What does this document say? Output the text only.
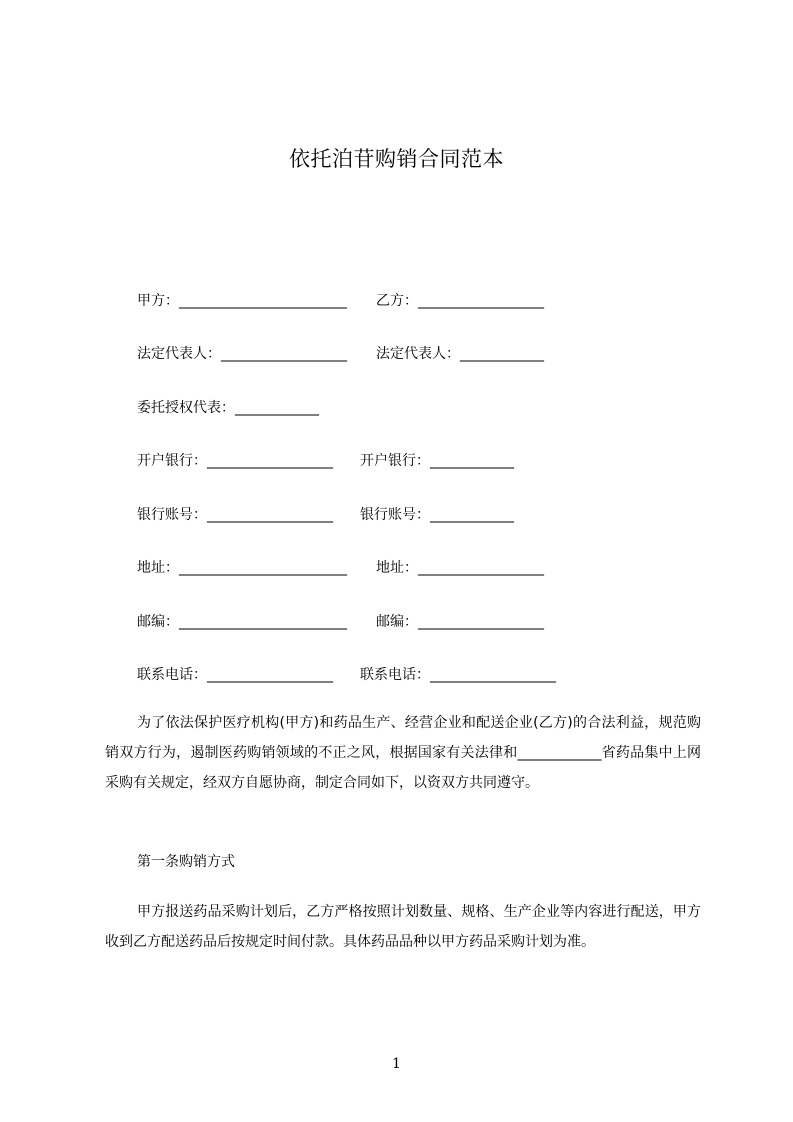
依托泊苷购销合同范本
甲方：________________________ 乙方：__________________
法定代表人：__________________ 法定代表人：____________
委托授权代表：____________
开户银行：__________________ 开户银行：____________
银行账号：__________________ 银行账号：____________
地址：________________________ 地址：__________________
邮编：________________________ 邮编：__________________
联系电话：__________________ 联系电话：__________________
为了依法保护医疗机构(甲方)和药品生产、经营企业和配送企业(乙方)的合法利益，规范购销双方行为，遏制医药购销领域的不正之风，根据国家有关法律和____________省药品集中上网采购有关规定，经双方自愿协商，制定合同如下，以资双方共同遵守。
第一条购销方式
甲方报送药品采购计划后，乙方严格按照计划数量、规格、生产企业等内容进行配送，甲方收到乙方配送药品后按规定时间付款。具体药品品种以甲方药品采购计划为准。
1
